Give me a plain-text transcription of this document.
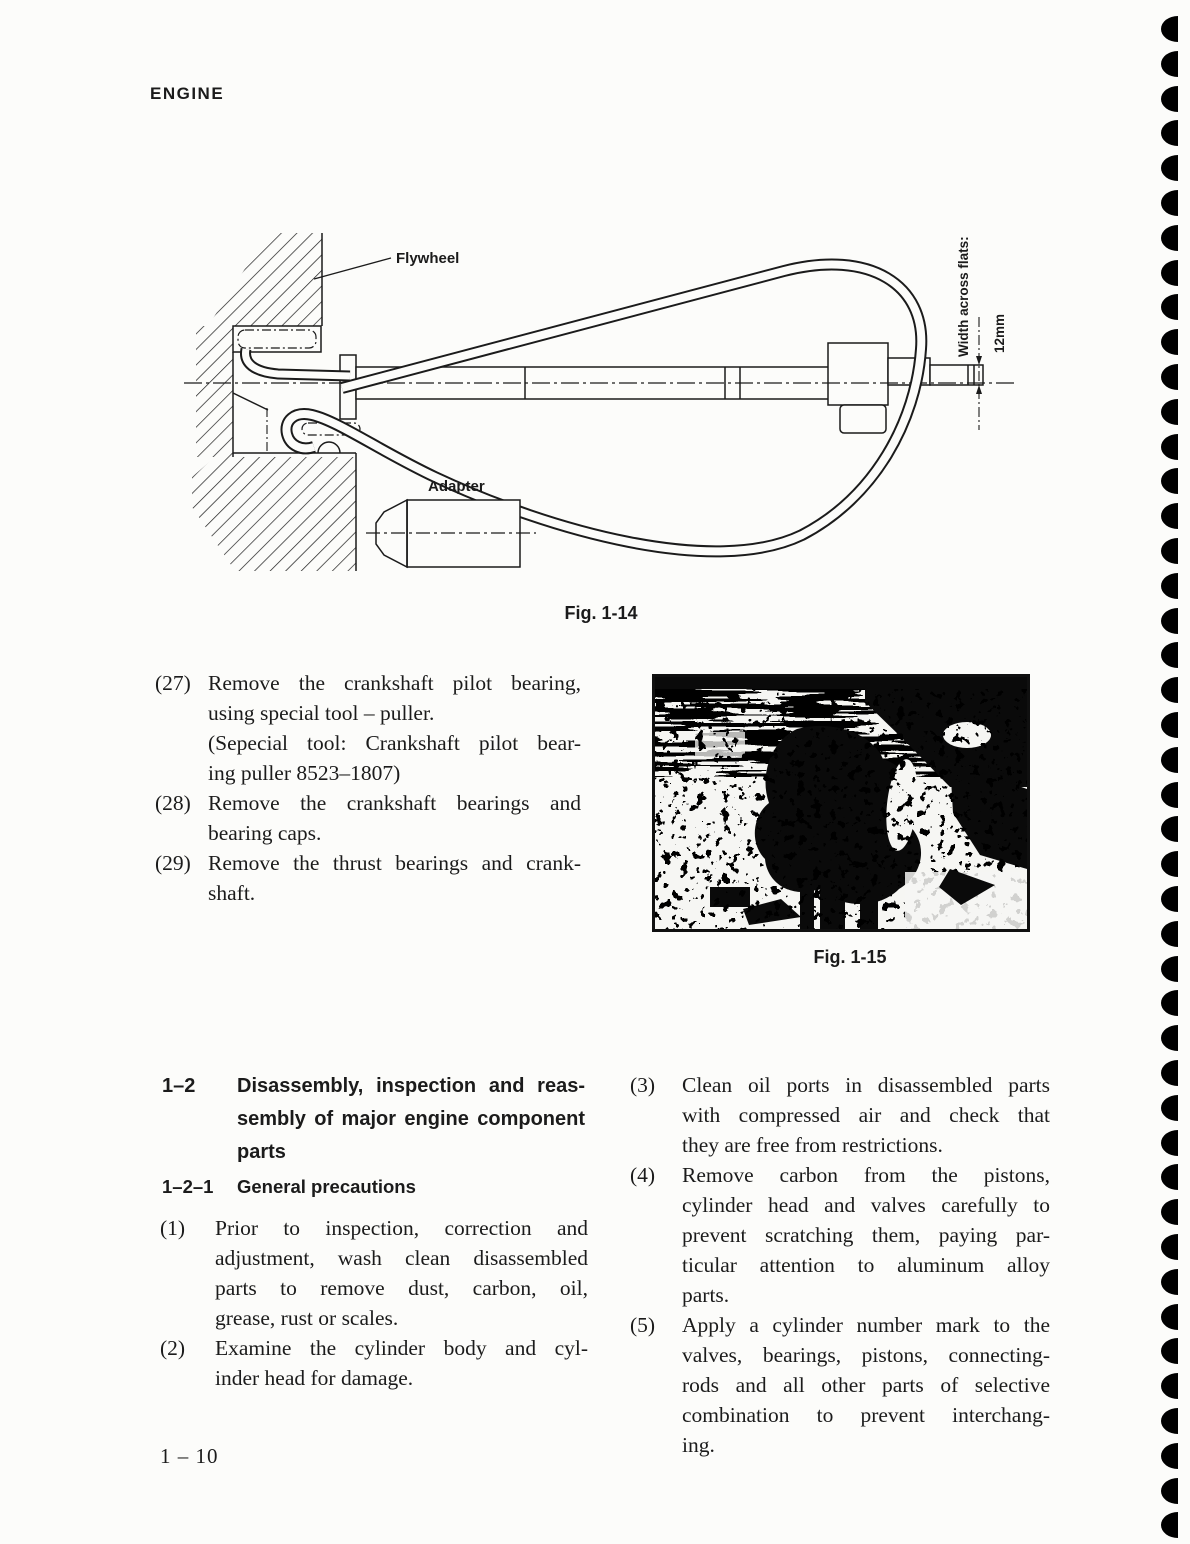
ENGINE
Flywheel
Adapter
Width across flats: 12mm
Fig. 1-14
(27) Remove the crankshaft pilot bearing,
using special tool – puller.
(Sepecial tool: Crankshaft pilot bear-
ing puller 8523–1807)
(28) Remove the crankshaft bearings and
bearing caps.
(29) Remove the thrust bearings and crank-
shaft.
Fig. 1-15
1–2 Disassembly, inspection and reas-
sembly of major engine component
parts
1–2–1 General precautions
(1)	Prior to inspection, correction and
adjustment, wash clean disassembled
parts to remove dust, carbon, oil,
grease, rust or scales.
(2)	Examine the cylinder body and cyl-
inder head for damage.
(3)	Clean oil ports in disassembled parts
with compressed air and check that
they are free from restrictions.
(4)	Remove carbon from the pistons,
cylinder head and valves carefully to
prevent scratching them, paying par-
ticular attention to aluminum alloy
parts.
(5)	Apply a cylinder number mark to the
valves, bearings, pistons, connecting-
rods and all other parts of selective
combination to prevent interchang-
ing.
1 – 10
